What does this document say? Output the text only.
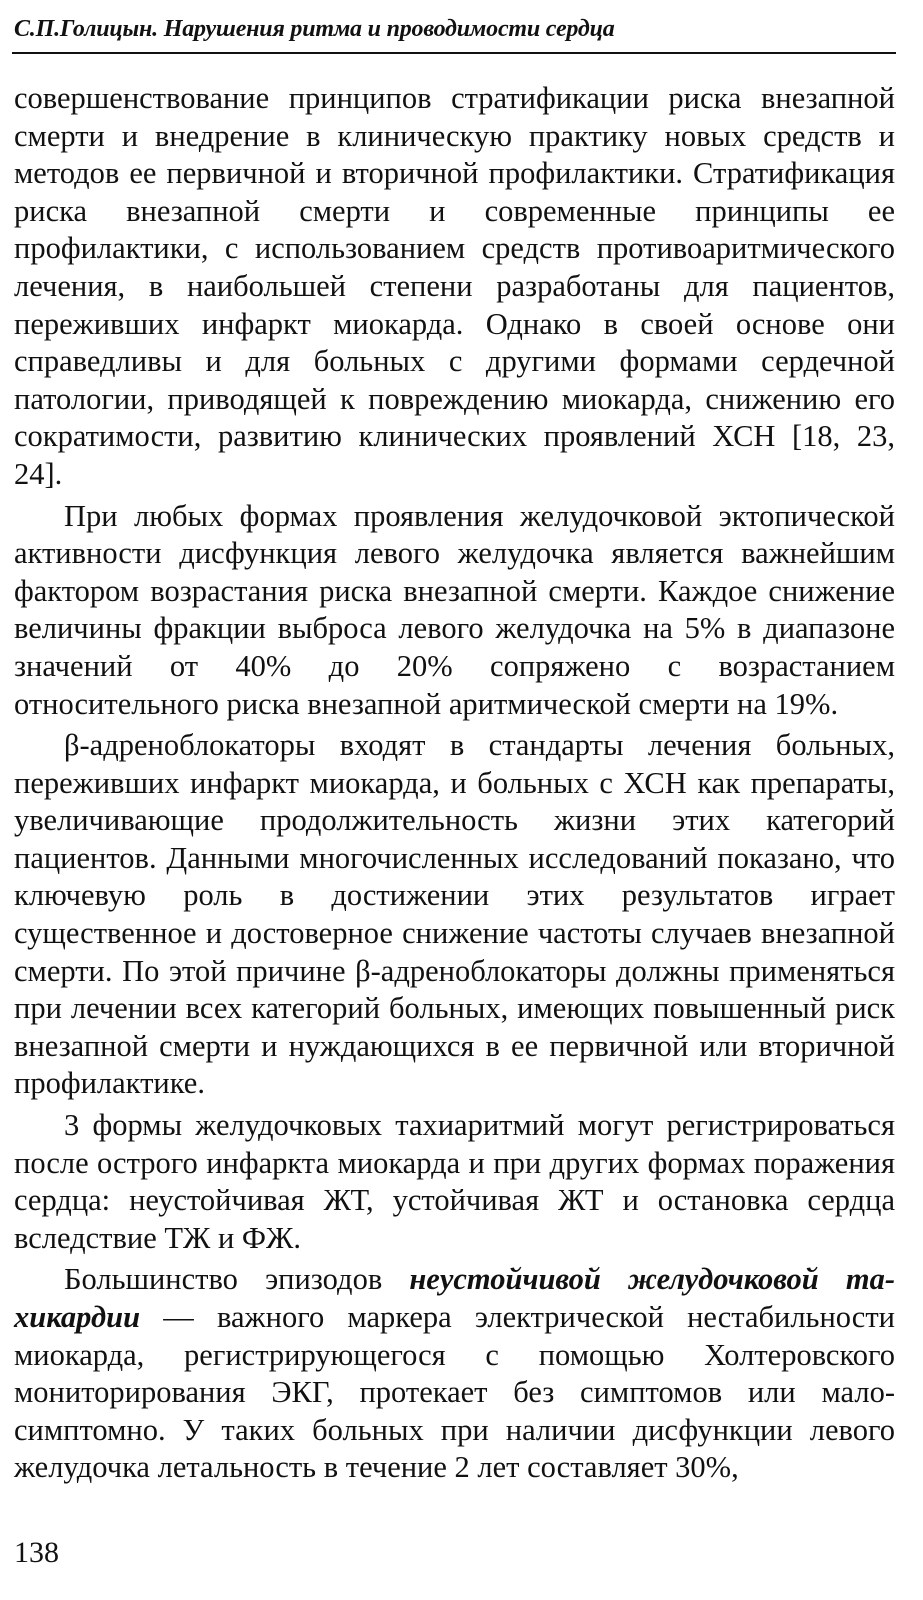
С.П.Голицын. Нарушения ритма и проводимости сердца

совершенствование принципов стратификации риска внезапной смерти и внедрение в клиническую практику новых средств и методов ее первичной и вторичной профилактики. Стратификация риска внезапной смерти и современные принципы ее профилактики, с использованием средств противоаритмического лечения, в наибольшей степени разработаны для пациентов, переживших инфаркт миокарда. Однако в своей основе они справедливы и для больных с другими формами сердечной патологии, приводящей к повреждению миокарда, снижению его сократимости, развитию клинических проявлений ХСН [18, 23, 24].

При любых формах проявления желудочковой эктопической активности дисфункция левого желудочка является важнейшим фактором возрастания риска внезапной смерти. Каждое снижение величины фракции выброса левого желудочка на 5% в диапазоне значений от 40% до 20% сопряжено с возрастанием относительного риска внезапной аритмической смерти на 19%.

β-адреноблокаторы входят в стандарты лечения больных, переживших инфаркт миокарда, и больных с ХСН как препараты, увеличивающие продолжительность жизни этих категорий пациентов. Данными многочисленных исследований показано, что ключевую роль в достижении этих результатов играет существенное и достоверное снижение частоты случаев внезапной смерти. По этой причине β-адреноблокаторы должны применяться при лечении всех категорий больных, имеющих повышенный риск внезапной смерти и нуждающихся в ее первичной или вторичной профилактике.

3 формы желудочковых тахиаритмий могут регистрироваться после острого инфаркта миокарда и при других формах поражения сердца: неустойчивая ЖТ, устойчивая ЖТ и остановка сердца вследствие ТЖ и ФЖ.

Большинство эпизодов неустойчивой желудочковой тахикардии — важного маркера электрической нестабильности миокарда, регистрирующегося с помощью Холтеровского мониторирования ЭКГ, протекает без симптомов или малосимптомно. У таких больных при наличии дисфункции левого желудочка летальность в течение 2 лет составляет 30%,

138
